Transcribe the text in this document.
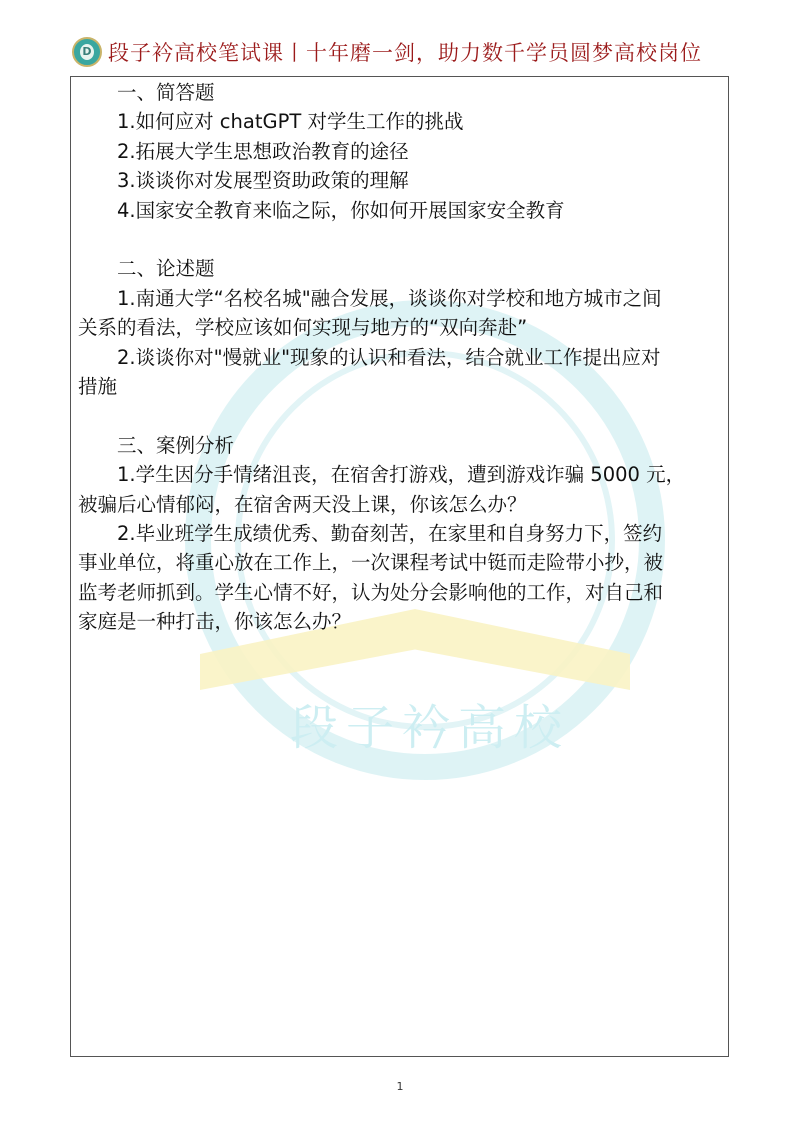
D 段子衿高校笔试课丨十年磨一剑，助力数千学员圆梦高校岗位
段子衿高校
一、简答题
1.如何应对 chatGPT 对学生工作的挑战
2.拓展大学生思想政治教育的途径
3.谈谈你对发展型资助政策的理解
4.国家安全教育来临之际，你如何开展国家安全教育
二、论述题
1.南通大学“名校名城"融合发展，谈谈你对学校和地方城市之间
关系的看法，学校应该如何实现与地方的“双向奔赴”
2.谈谈你对"慢就业"现象的认识和看法，结合就业工作提出应对
措施
三、案例分析
1.学生因分手情绪沮丧，在宿舍打游戏，遭到游戏诈骗 5000 元，
被骗后心情郁闷，在宿舍两天没上课，你该怎么办？
2.毕业班学生成绩优秀、勤奋刻苦，在家里和自身努力下，签约
事业单位，将重心放在工作上，一次课程考试中铤而走险带小抄，被
监考老师抓到。学生心情不好，认为处分会影响他的工作，对自己和
家庭是一种打击，你该怎么办？
1
